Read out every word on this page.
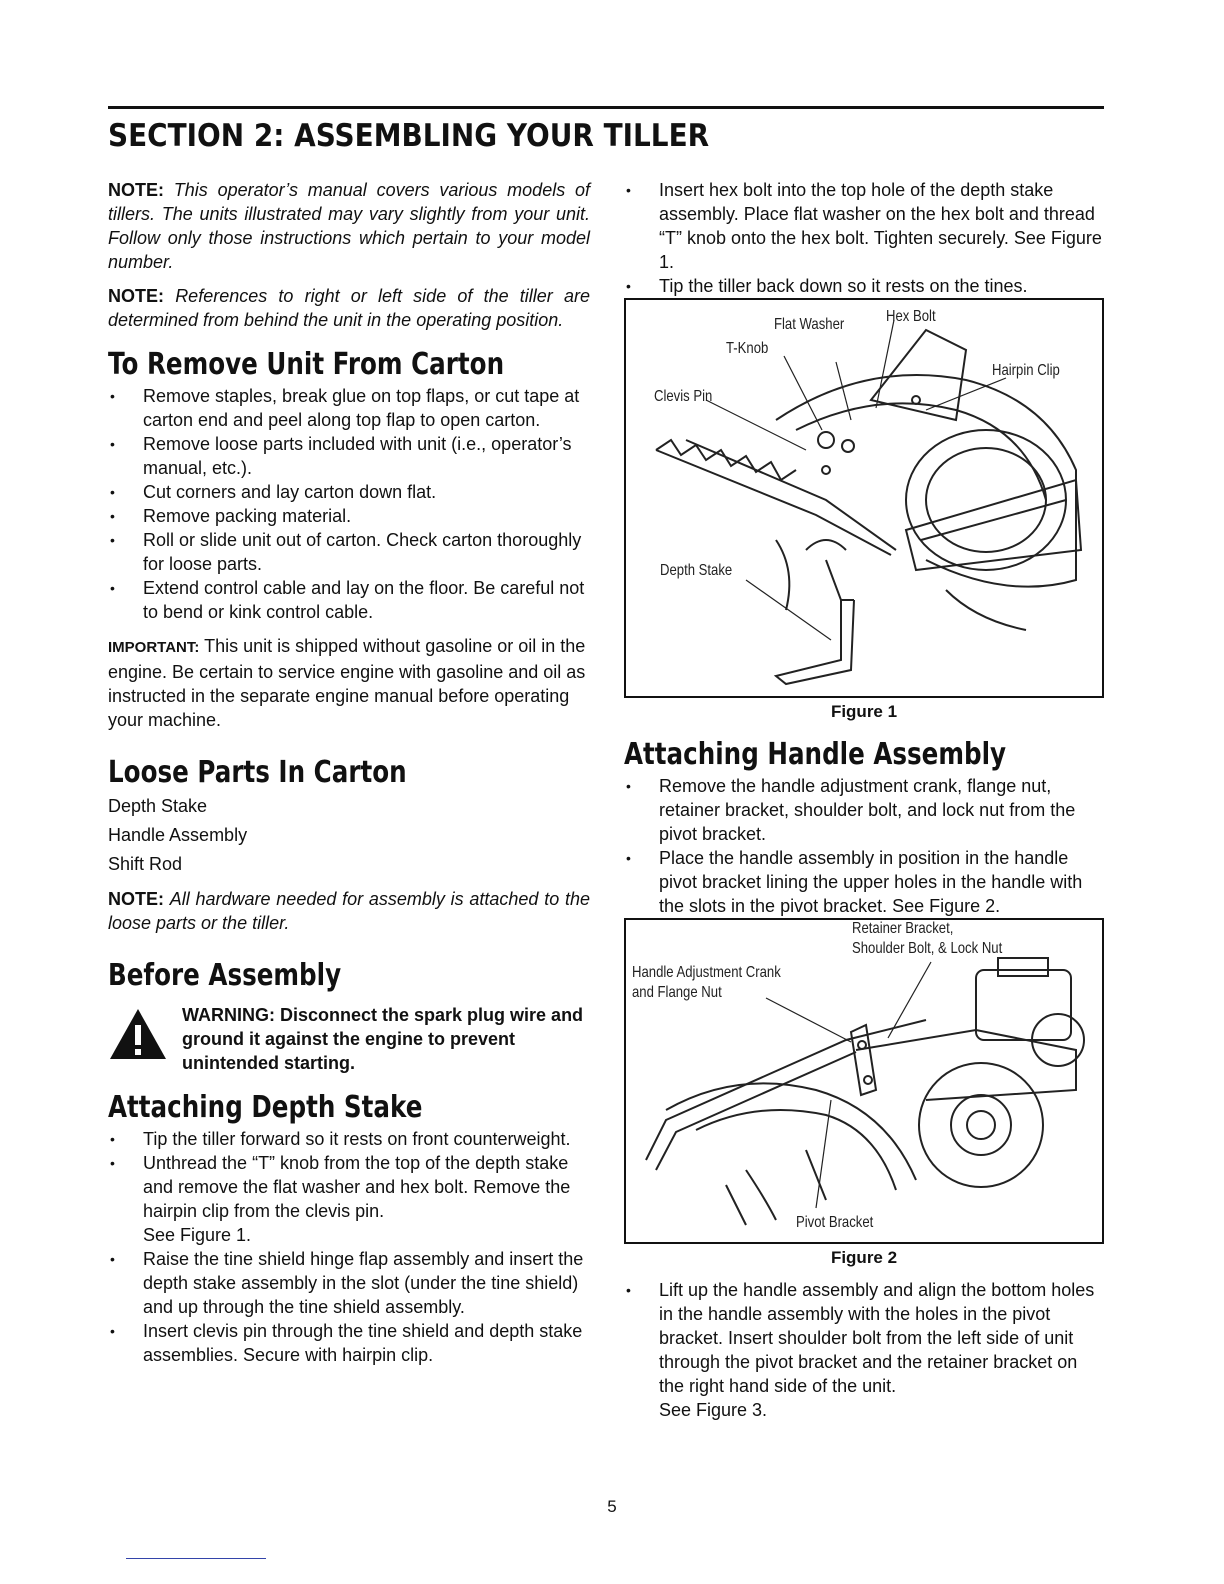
SECTION 2: ASSEMBLING YOUR TILLER

NOTE: This operator’s manual covers various models of tillers. The units illustrated may vary slightly from your unit. Follow only those instructions which pertain to your model number.

NOTE: References to right or left side of the tiller are determined from behind the unit in the operating position.

To Remove Unit From Carton
• Remove staples, break glue on top flaps, or cut tape at carton end and peel along top flap to open carton.
• Remove loose parts included with unit (i.e., operator’s manual, etc.).
• Cut corners and lay carton down flat.
• Remove packing material.
• Roll or slide unit out of carton. Check carton thoroughly for loose parts.
• Extend control cable and lay on the floor. Be careful not to bend or kink control cable.

IMPORTANT: This unit is shipped without gasoline or oil in the engine. Be certain to service engine with gasoline and oil as instructed in the separate engine manual before operating your machine.

Loose Parts In Carton

Depth Stake

Handle Assembly

Shift Rod

NOTE: All hardware needed for assembly is attached to the loose parts or the tiller.

Before Assembly

WARNING: Disconnect the spark plug wire and ground it against the engine to prevent unintended starting.

Attaching Depth Stake
• Tip the tiller forward so it rests on front counterweight.
• Unthread the “T” knob from the top of the depth stake and remove the flat washer and hex bolt. Remove the hairpin clip from the clevis pin.
See Figure 1.
• Raise the tine shield hinge flap assembly and insert the depth stake assembly in the slot (under the tine shield) and up through the tine shield assembly.
• Insert clevis pin through the tine shield and depth stake assemblies. Secure with hairpin clip.
• Insert hex bolt into the top hole of the depth stake assembly. Place flat washer on the hex bolt and thread “T” knob onto the hex bolt. Tighten securely. See Figure 1.
• Tip the tiller back down so it rests on the tines.
Flat Washer	Hex Bolt
T-Knob
Hairpin Clip
Clevis Pin
Depth Stake
Figure 1
Attaching Handle Assembly
• Remove the handle adjustment crank, flange nut, retainer bracket, shoulder bolt, and lock nut from the pivot bracket.
• Place the handle assembly in position in the handle pivot bracket lining the upper holes in the handle with the slots in the pivot bracket. See Figure 2.
Retainer Bracket,
Shoulder Bolt, & Lock Nut
Handle Adjustment Crank
and Flange Nut
Pivot Bracket
Figure 2
• Lift up the handle assembly and align the bottom holes in the handle assembly with the holes in the pivot bracket. Insert shoulder bolt from the left side of unit through the pivot bracket and the retainer bracket on the right hand side of the unit.
See Figure 3.
5
